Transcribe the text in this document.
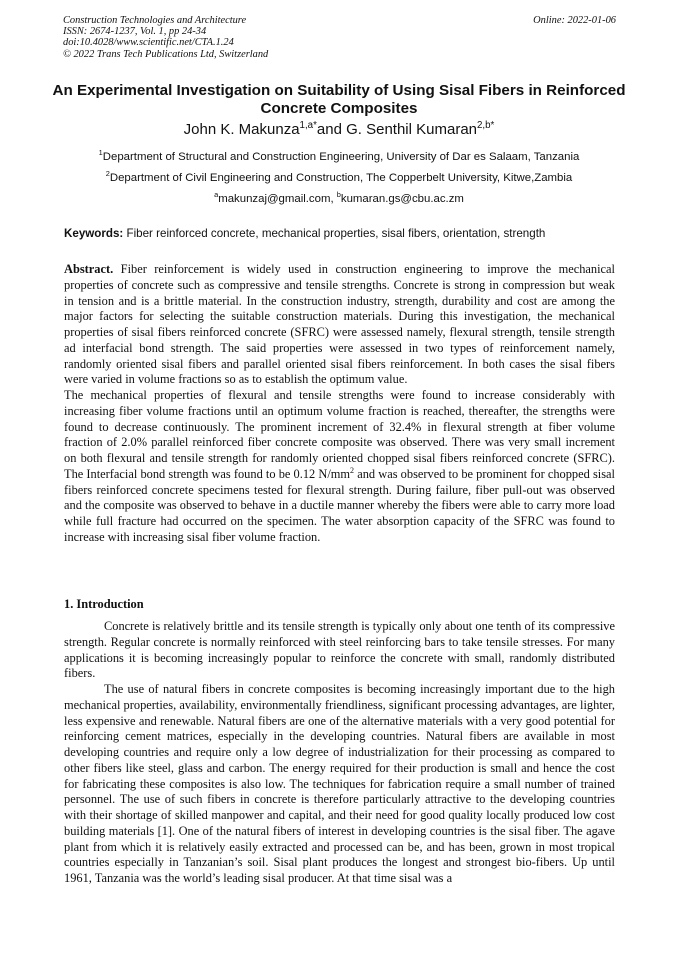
Construction Technologies and Architecture
ISSN: 2674-1237, Vol. 1, pp 24-34
doi:10.4028/www.scientific.net/CTA.1.24
© 2022 Trans Tech Publications Ltd, Switzerland
Online: 2022-01-06
An Experimental Investigation on Suitability of Using Sisal Fibers in Reinforced Concrete Composites
John K. Makunza$^{1,a*}$and G. Senthil Kumaran$^{2,b*}$
$^1$Department of Structural and Construction Engineering, University of Dar es Salaam, Tanzania
$^2$Department of Civil Engineering and Construction, The Copperbelt University, Kitwe,Zambia
$^a$makunzaj@gmail.com, $^b$kumaran.gs@cbu.ac.zm
Keywords: Fiber reinforced concrete, mechanical properties, sisal fibers, orientation, strength

Abstract. Fiber reinforcement is widely used in construction engineering to improve the mechanical properties of concrete such as compressive and tensile strengths. Concrete is strong in compression but weak in tension and is a brittle material. In the construction industry, strength, durability and cost are among the major factors for selecting the suitable construction materials. During this investigation, the mechanical properties of sisal fibers reinforced concrete (SFRC) were assessed namely, flexural strength, tensile strength ad interfacial bond strength. The said properties were assessed in two types of reinforcement namely, randomly oriented sisal fibers and parallel oriented sisal fibers reinforcement. In both cases the sisal fibers were varied in volume fractions so as to establish the optimum value.

The mechanical properties of flexural and tensile strengths were found to increase considerably with increasing fiber volume fractions until an optimum volume fraction is reached, thereafter, the strengths were found to decrease continuously. The prominent increment of 32.4% in flexural strength at fiber volume fraction of 2.0% parallel reinforced fiber concrete composite was observed. There was very small increment on both flexural and tensile strength for randomly oriented chopped sisal fibers reinforced concrete (SFRC). The Interfacial bond strength was found to be 0.12 $N/mm^2$ and was observed to be prominent for chopped sisal fibers reinforced concrete specimens tested for flexural strength. During failure, fiber pull-out was observed and the composite was observed to behave in a ductile manner whereby the fibers were able to carry more load while full fracture had occurred on the specimen. The water absorption capacity of the SFRC was found to increase with increasing sisal fiber volume fraction.

1. Introduction

Concrete is relatively brittle and its tensile strength is typically only about one tenth of its compressive strength. Regular concrete is normally reinforced with steel reinforcing bars to take tensile stresses. For many applications it is becoming increasingly popular to reinforce the concrete with small, randomly distributed fibers.

The use of natural fibers in concrete composites is becoming increasingly important due to the high mechanical properties, availability, environmentally friendliness, significant processing advantages, are lighter, less expensive and renewable. Natural fibers are one of the alternative materials with a very good potential for reinforcing cement matrices, especially in the developing countries. Natural fibers are available in most developing countries and require only a low degree of industrialization for their processing as compared to other fibers like steel, glass and carbon. The energy required for their production is small and hence the cost for fabricating these composites is also low. The techniques for fabrication require a small number of trained personnel. The use of such fibers in concrete is therefore particularly attractive to the developing countries with their shortage of skilled manpower and capital, and their need for good quality locally produced low cost building materials [1]. One of the natural fibers of interest in developing countries is the sisal fiber. The agave plant from which it is relatively easily extracted and processed can be, and has been, grown in most tropical countries especially in Tanzanian’s soil. Sisal plant produces the longest and strongest bio-fibers. Up until 1961, Tanzania was the world’s leading sisal producer. At that time sisal was a
